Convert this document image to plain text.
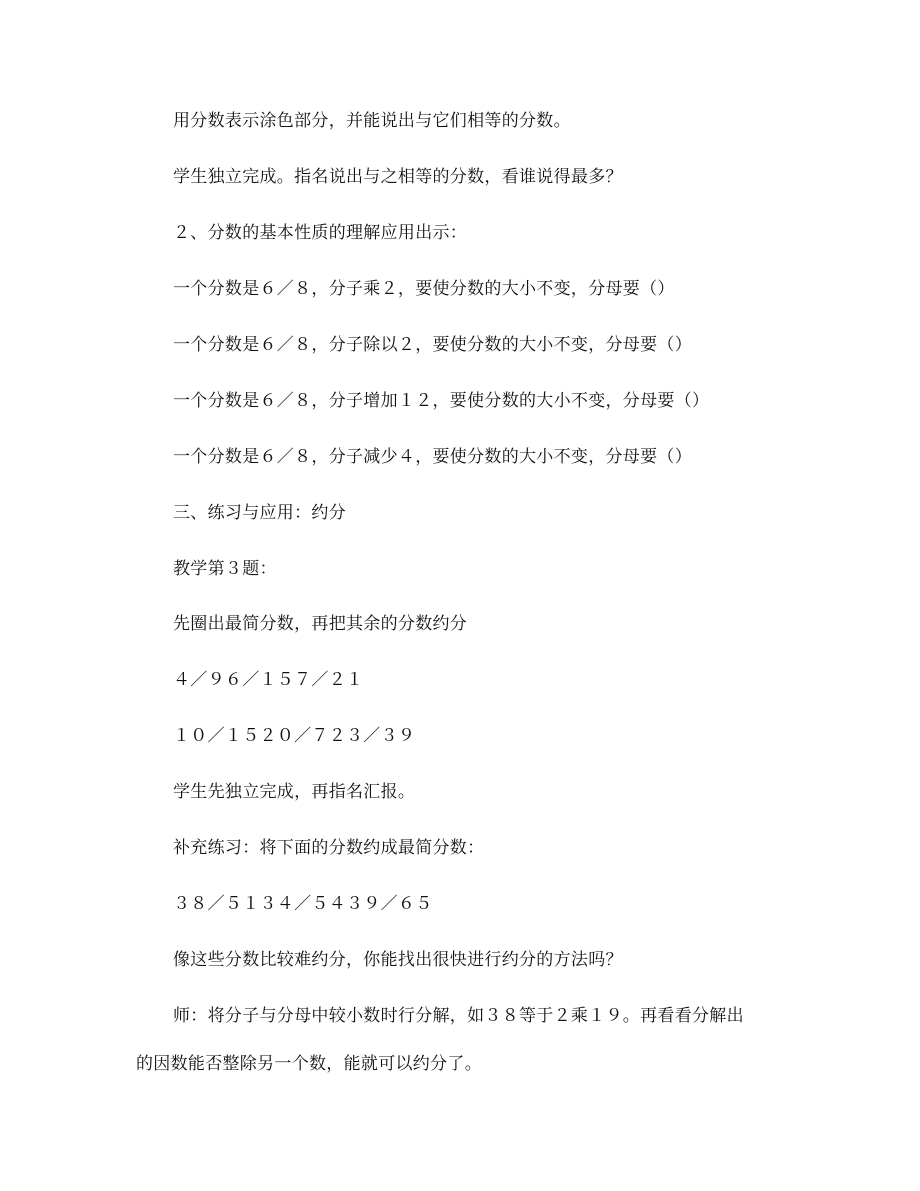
用分数表示涂色部分，并能说出与它们相等的分数。
学生独立完成。指名说出与之相等的分数，看谁说得最多？
２、分数的基本性质的理解应用出示：
一个分数是６／８，分子乘２，要使分数的大小不变，分母要（）
一个分数是６／８，分子除以２，要使分数的大小不变，分母要（）
一个分数是６／８，分子增加１２，要使分数的大小不变，分母要（）
一个分数是６／８，分子减少４，要使分数的大小不变，分母要（）
三、练习与应用：约分
教学第３题：
先圈出最简分数，再把其余的分数约分
４／９６／１５７／２１
１０／１５２０／７２３／３９
学生先独立完成，再指名汇报。
补充练习：将下面的分数约成最简分数：
３８／５１３４／５４３９／６５
像这些分数比较难约分，你能找出很快进行约分的方法吗？
师：将分子与分母中较小数时行分解，如３８等于２乘１９。再看看分解出
的因数能否整除另一个数，能就可以约分了。
